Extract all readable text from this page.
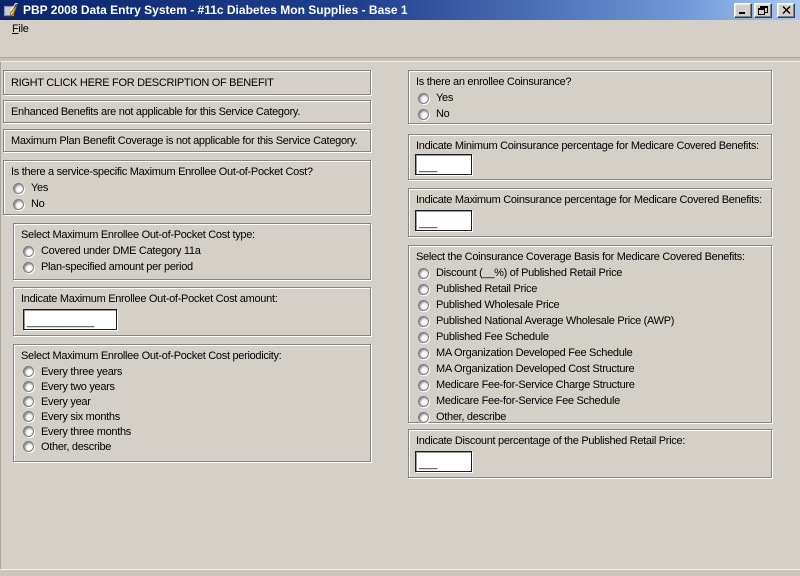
PBP 2008 Data Entry System - #11c Diabetes Mon Supplies - Base 1
File
RIGHT CLICK HERE FOR DESCRIPTION OF BENEFIT
Enhanced Benefits are not applicable for this Service Category.
Maximum Plan Benefit Coverage is not applicable for this Service Category.
Is there a service-specific Maximum Enrollee Out-of-Pocket Cost?
Yes
No
Select Maximum Enrollee Out-of-Pocket Cost type:
Covered under DME Category 11a
Plan-specified amount per period
Indicate Maximum Enrollee Out-of-Pocket Cost amount:
___________
Select Maximum Enrollee Out-of-Pocket Cost periodicity:
Every three years
Every two years
Every year
Every six months
Every three months
Other, describe
Is there an enrollee Coinsurance?
Yes
No
Indicate Minimum Coinsurance percentage for Medicare Covered Benefits:
___
Indicate Maximum Coinsurance percentage for Medicare Covered Benefits:
___
Select the Coinsurance Coverage Basis for Medicare Covered Benefits:
Discount (__%) of Published Retail Price
Published Retail Price
Published Wholesale Price
Published National Average Wholesale Price (AWP)
Published Fee Schedule
MA Organization Developed Fee Schedule
MA Organization Developed Cost Structure
Medicare Fee-for-Service Charge Structure
Medicare Fee-for-Service Fee Schedule
Other, describe
Indicate Discount percentage of the Published Retail Price:
___
